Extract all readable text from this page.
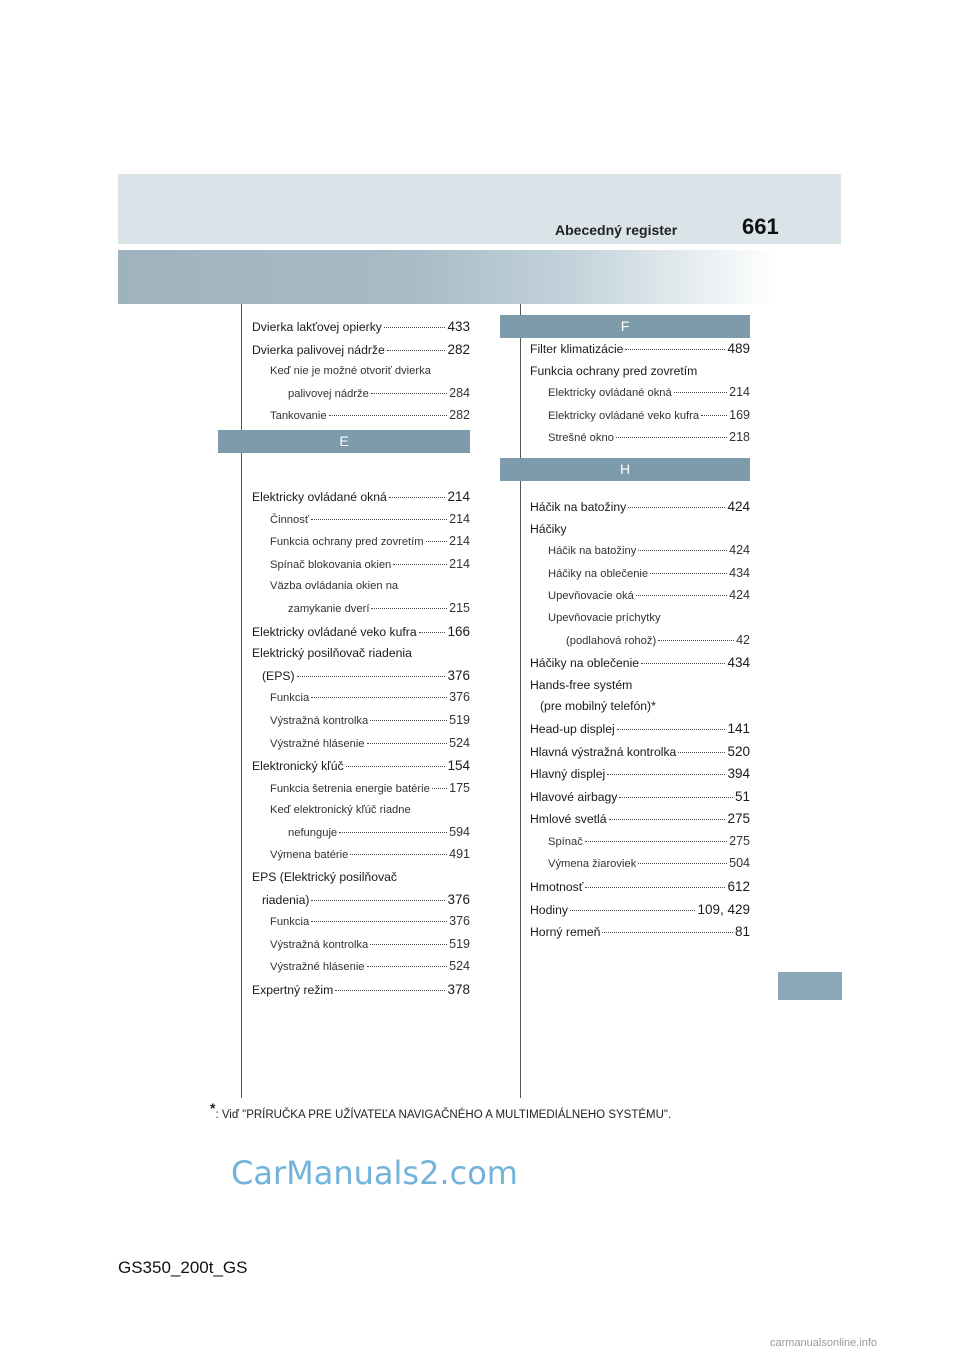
Abecedný register	661
Dvierka lakťovej opierky	433
Dvierka palivovej nádrže	282
Keď nie je možné otvoriť dvierka
palivovej nádrže	284
Tankovanie	282
E
Elektricky ovládané okná	214
Činnosť	214
Funkcia ochrany pred zovretím 214
Spínač blokovania okien	214
Väzba ovládania okien na
zamykanie dverí	215
Elektricky ovládané veko kufra 166
Elektrický posilňovač riadenia
(EPS)	376
Funkcia	376
Výstražná kontrolka	519
Výstražné hlásenie	524
Elektronický kľúč	154
Funkcia šetrenia energie batérie 175
Keď elektronický kľúč riadne
nefunguje	594
Výmena batérie	491
EPS (Elektrický posilňovač
riadenia)	376
Funkcia	376
Výstražná kontrolka	519
Výstražné hlásenie	524
Expertný režim	378
F
Filter klimatizácie	489
Funkcia ochrany pred zovretím
Elektricky ovládané okná	214
Elektricky ovládané veko kufra 169
Strešné okno	218
H
Háčik na batožiny	424
Háčiky
Háčik na batožiny	424
Háčiky na oblečenie	434
Upevňovacie oká	424
Upevňovacie príchytky
(podlahová rohož)	42
Háčiky na oblečenie	434
Hands-free systém
(pre mobilný telefón)*
Head-up displej	141
Hlavná výstražná kontrolka	520
Hlavný displej	394
Hlavové airbagy	51
Hmlové svetlá	275
Spínač	275
Výmena žiaroviek	504
Hmotnosť	612
Hodiny	109, 429
Horný remeň	81
*: Viď "PRÍRUČKA PRE UŽÍVATEĽA NAVIGAČNÉHO A MULTIMEDIÁLNEHO SYSTÉMU".
CarManuals2.com
GS350_200t_GS
carmanualsonline.info
